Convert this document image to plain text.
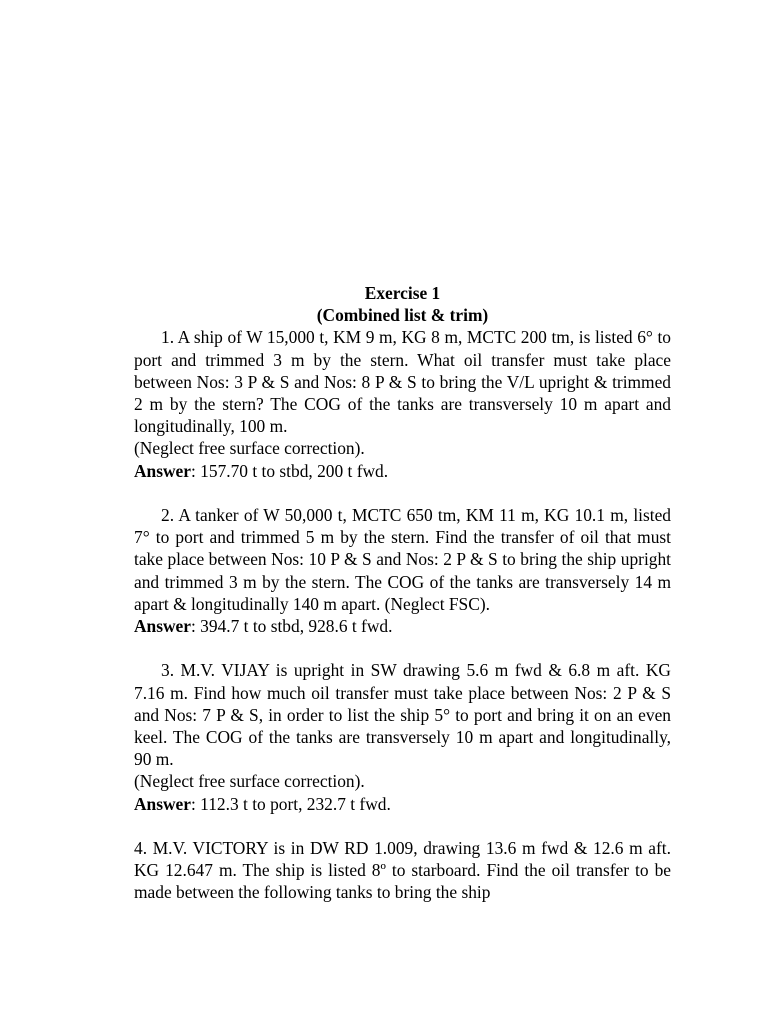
Exercise 1

(Combined list & trim)

1. A ship of W 15,000 t, KM 9 m, KG 8 m, MCTC 200 tm, is listed 6° to port and trimmed 3 m by the stern. What oil transfer must take place between Nos: 3 P & S and Nos: 8 P & S to bring the V/L upright & trimmed 2 m by the stern? The COG of the tanks are transversely 10 m apart and longitudinally, 100 m.

(Neglect free surface correction).

Answer: 157.70 t to stbd, 200 t fwd.

2. A tanker of W 50,000 t, MCTC 650 tm, KM 11 m, KG 10.1 m, listed 7° to port and trimmed 5 m by the stern. Find the transfer of oil that must take place between Nos: 10 P & S and Nos: 2 P & S to bring the ship upright and trimmed 3 m by the stern. The COG of the tanks are transversely 14 m apart & longitudinally 140 m apart. (Neglect FSC).

Answer: 394.7 t to stbd, 928.6 t fwd.

3. M.V. VIJAY is upright in SW drawing 5.6 m fwd & 6.8 m aft. KG 7.16 m. Find how much oil transfer must take place between Nos: 2 P & S and Nos: 7 P & S, in order to list the ship 5° to port and bring it on an even keel. The COG of the tanks are transversely 10 m apart and longitudinally, 90 m.

(Neglect free surface correction).

Answer: 112.3 t to port, 232.7 t fwd.

4. M.V. VICTORY is in DW RD 1.009, drawing 13.6 m fwd & 12.6 m aft. KG 12.647 m. The ship is listed 8º to starboard. Find the oil transfer to be made between the following tanks to bring the ship
